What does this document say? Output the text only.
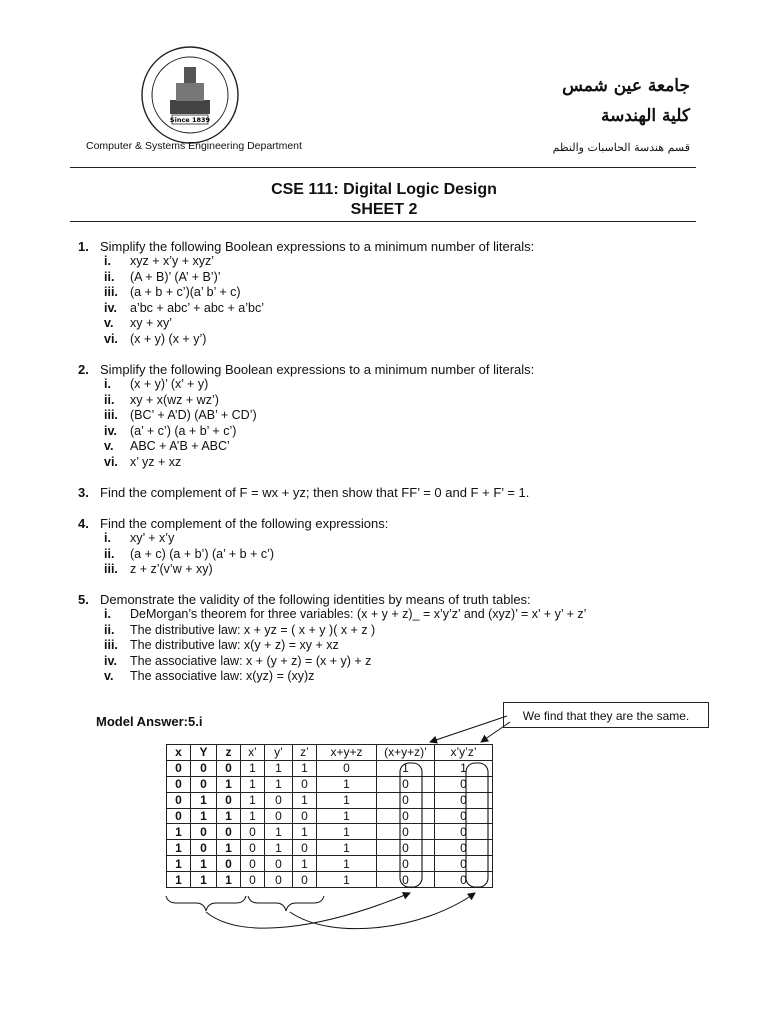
Since 1839
Computer & Systems Engineering Department
جامعة عين شمس
كلية الهندسة
قسم هندسة الحاسبات والنظم
CSE 111: Digital Logic Design
SHEET 2
1. Simplify the following Boolean expressions to a minimum number of literals:
i. xyz + x’y + xyz’
ii. (A + B)’ (A’ + B’)’
iii. (a + b + c’)(a’ b’ + c)
iv. a’bc + abc’ + abc + a’bc’
v. xy + xy’
vi. (x + y) (x + y’)
2. Simplify the following Boolean expressions to a minimum number of literals:
i. (x + y)’ (x’ + y)
ii. xy + x(wz + wz’)
iii. (BC’ + A’D) (AB’ + CD’)
iv. (a’ + c’) (a + b’ + c’)
v. ABC + A’B + ABC’
vi. x’ yz + xz
3. Find the complement of F = wx + yz; then show that FF’ = 0 and F + F’ = 1.
4. Find the complement of the following expressions:
i. xy’ + x’y
ii. (a + c) (a + b’) (a’ + b + c’)
iii. z + z’(v’w + xy)
5. Demonstrate the validity of the following identities by means of truth tables:
i. DeMorgan’s theorem for three variables: (x + y + z)_ = x’y’z’ and (xyz)’ = x’ + y’ + z’
ii. The distributive law: x + yz = ( x + y )( x + z )
iii. The distributive law: x(y + z) = xy + xz
iv. The associative law: x + (y + z) = (x + y) + z
v. The associative law: x(yz) = (xy)z
Model Answer:5.i	We find that they are the same.
x	Y	z	x’	y’	z’	x+y+z	(x+y+z)’	x’y’z’
0	0	0	1	1	1	0	1	1
0	0	1	1	1	0	1	0	0
0	1	0	1	0	1	1	0	0
0	1	1	1	0	0	1	0	0
1	0	0	0	1	1	1	0	0
1	0	1	0	1	0	1	0	0
1	1	0	0	0	1	1	0	0
1	1	1	0	0	0	1	0	0
